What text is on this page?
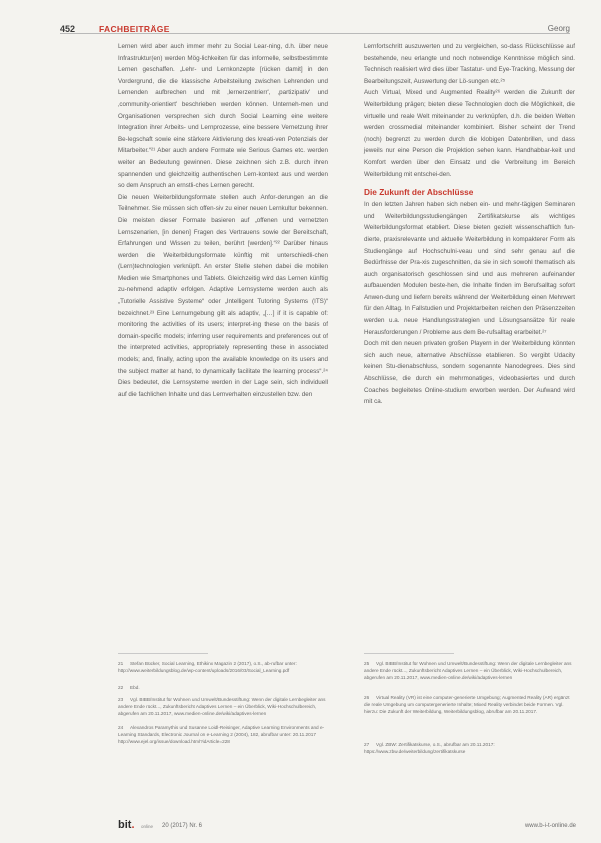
452	FACHBEITRÄGE	Georg

Lernen wird aber auch immer mehr zu Social Lear-ning, d.h. über neue Infrastruktur(en) werden Mög-lichkeiten für das informelle, selbstbestimmte Lernen geschaffen. „Lehr- und Lernkonzepte [rücken damit] in den Vordergrund, die die klassische Arbeitsteilung zwischen Lehrenden und Lernenden aufbrechen und mit ‚lernerzentrierr', ‚partizipativ' und ‚community-orientiert' beschrieben werden können. Unterneh-men und Organisationen versprechen sich durch Social Learning eine weitere Integration ihrer Arbeits- und Lernprozesse, eine bessere Vernetzung ihrer Be-legschaft sowie eine stärkere Aktivierung des kreati-ven Potenzials der Mitarbeiter.“²¹ Aber auch andere Formate wie Serious Games etc. werden weiter an Bedeutung gewinnen. Diese zeichnen sich z.B. durch ihren spannenden und gleichzeitig authentischen Lern-kontext aus und werden so dem Anspruch an ernstli-ches Lernen gerecht.

Die neuen Weiterbildungsformate stellen auch Anfor-derungen an die Teilnehmer. Sie müssen sich offen-siv zu einer neuen Lernkultur bekennen. Die meisten dieser Formate basieren auf „offenen und vernetzten Lernszenarien, [in denen] Fragen des Vertrauens sowie der Bereitschaft, Erfahrungen und Wissen zu teilen, berührt [werden].“²² Darüber hinaus werden die Weiterbildungsformate künftig mit unterschiedli-chen (Lern)technologien verknüpft. An erster Stelle stehen dabei die mobilen Medien wie Smartphones und Tablets. Gleichzeitig wird das Lernen künftig zu-nehmend adaptiv erfolgen. Adaptive Lernsysteme werden auch als „Tutorielle Assistive Systeme“ oder „Intelligent Tutoring Systems (ITS)“ bezeichnet.²³ Eine Lernumgebung gilt als adaptiv, „[…] if it is capable of: monitoring the activities of its users; interpret-ing these on the basis of domain-specific models; inferring user requirements and preferences out of the interpreted activities, appropriately representing these in associated models; and, finally, acting upon the available knowledge on its users and the subject matter at hand, to dynamically facilitate the learning process“.²⁴ Dies bedeutet, die Lernsysteme werden in der Lage sein, sich individuell auf die fachlichen Inhalte und das Lernverhalten einzustellen bzw. den

Lernfortschritt auszuwerten und zu vergleichen, so-dass Rückschlüsse auf bestehende, neu erlangte und noch notwendige Kenntnisse möglich sind. Technisch realisiert wird dies über Tastatur- und Eye-Tracking, Messung der Bearbeitungszeit, Auswertung der Lö-sungen etc.²⁵

Auch Virtual, Mixed und Augmented Reality²⁶ werden die Zukunft der Weiterbildung prägen; bieten diese Technologien doch die Möglichkeit, die virtuelle und reale Welt miteinander zu verknüpfen, d.h. die beiden Welten werden crossmedial miteinander kombiniert. Bisher scheint der Trend (noch) begrenzt zu werden durch die klobigen Datenbrillen, und dass jeweils nur eine Person die Projektion sehen kann. Handhabbar-keit und Komfort werden über den Einsatz und die Verbreitung im Bereich Weiterbildung mit entschei-den.

Die Zukunft der Abschlüsse

In den letzten Jahren haben sich neben ein- und mehr-tägigen Seminaren und Weiterbildungsstudiengängen Zertifikatskurse als wichtiges Weiterbildungsformat etabliert. Diese bieten gezielt wissenschaftlich fun-dierte, praxisrelevante und aktuelle Weiterbildung in kompakterer Form als Studiengänge auf Hochschulni-veau und sind sehr genau auf die Bedürfnisse der Pra-xis zugeschnitten, da sie in sich sowohl thematisch als auch organisatorisch geschlossen sind und aus mehreren aufeinander aufbauenden Modulen beste-hen, die Inhalte finden im Berufsalltag sofort Anwen-dung und liefern bereits während der Weiterbildung einen Mehrwert für den Alltag. In Fallstudien und Projektarbeiten reichen den Präsenzzeiten werden u.a. neue Handlungsstrategien und Lösungsansätze für reale Herausforderungen / Probleme aus dem Be-rufsalltag erarbeitet.²⁷

Doch mit den neuen privaten großen Playern in der Weiterbildung könnten sich auch neue, alternative Abschlüsse etablieren. So vergibt Udacity keinen Stu-dienabschluss, sondern sogenannte Nanodegrees. Dies sind Abschlüsse, die durch ein mehrmonatiges, videobasiertes und durch Coaches begleitetes Online-studium erworben werden. Der Aufwand wird mit ca.

21 Stefan Bücker, Social Learning, Ethikinx Magazin 2 (2017), o.S., ab-rufbar unter: http://www.weiterbildungsblog.de/wp-content/uploads/2016/03/Social_Learning.pdf
22 Ebd.
23 Vgl. BIBB/Institut für Wohnen und Umwelt/Bundesstiftung: Wenn der digitale Lernbegleiter ans andere Ende rückt..., Zukunftsbericht Adaptives Lernen – ein Überblick, Wiki-Hochschulbereich, abgerufen am 20.11.2017, www.medien-online.de/wiki/adaptives-lernen
24 Alexandros Paramythis und Susanne Loidl-Reisinger, Adaptive Learning Environments and e-Learning Standards, Electronic Journal on e-Learning 2 (2004), 182, abrufbar unter: 20.11.2017 http://www.ejel.org/issue/download.html?idArticle=228
25 Vgl. BIBB/Institut für Wohnen und Umwelt/Bundesstiftung: Wenn der digitale Lernbegleiter ans andere Ende rückt..., Zukunftsbericht Adaptives Lernen – ein Überblick, Wiki-Hochschulbereich, abgerufen am 20.11.2017, www.medien-online.de/wiki/adaptives-lernen
26 Virtual Reality (VR) ist eine computer-generierte Umgebung; Augmented Reality (AR) ergänzt die reale Umgebung um computergenerierte Inhalte; Mixed Reality verbindet beide Formen. Vgl. hierzu: Die Zukunft der Weiterbildung, Weiterbildungsblog, abrufbar am 20.11.2017.
27 Vgl. ZBW: Zertifikatskurse, o.S., abrufbar am 20.11.2017: https://www.zbw.de/weiterbildung/zertifikatskurse
bit. online 20 (2017) Nr. 6	www.b-i-t-online.de
